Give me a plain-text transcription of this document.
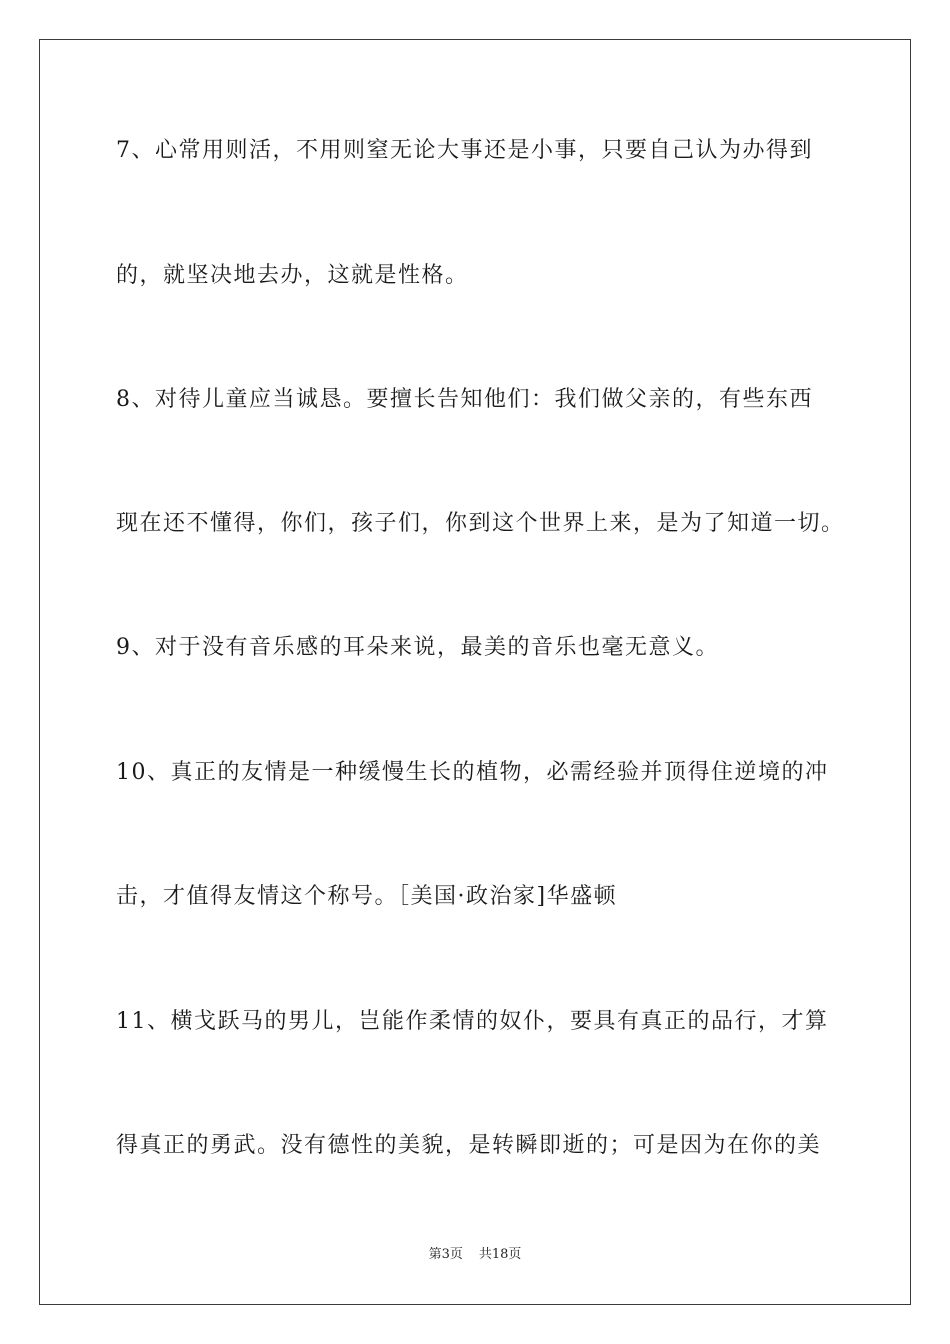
7、心常用则活，不用则窒无论大事还是小事，只要自己认为办得到
的，就坚决地去办，这就是性格。
8、对待儿童应当诚恳。要擅长告知他们：我们做父亲的，有些东西
现在还不懂得，你们，孩子们，你到这个世界上来，是为了知道一切。
9、对于没有音乐感的耳朵来说，最美的音乐也毫无意义。
10、真正的友情是一种缓慢生长的植物，必需经验并顶得住逆境的冲
击，才值得友情这个称号。［美国·政治家]华盛顿
11、横戈跃马的男儿，岂能作柔情的奴仆，要具有真正的品行，才算
得真正的勇武。没有德性的美貌，是转瞬即逝的；可是因为在你的美
第3页 共18页
